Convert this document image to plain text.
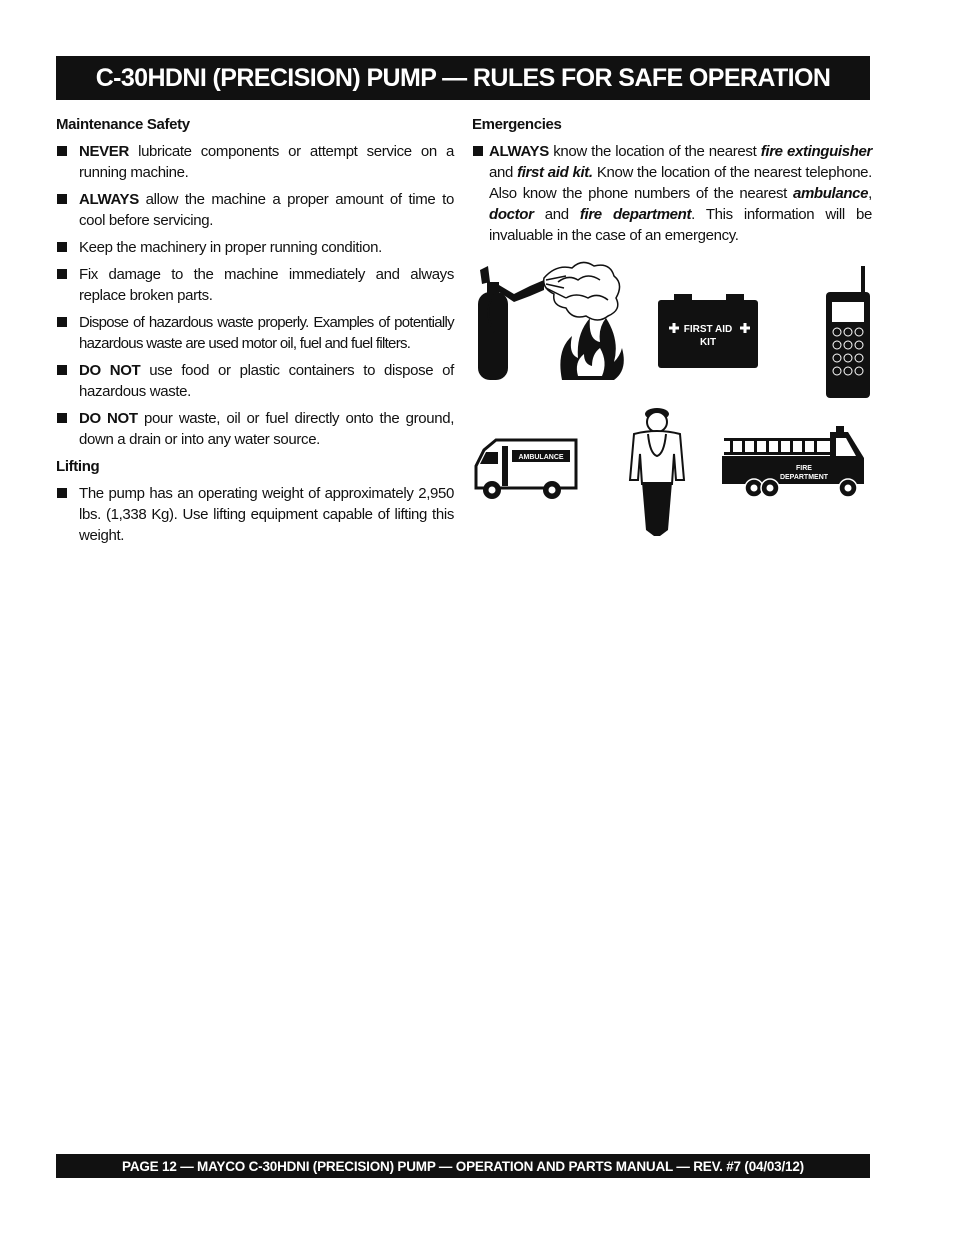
C-30HDNI (PRECISION) PUMP — RULES FOR SAFE OPERATION
Maintenance Safety
NEVER lubricate components or attempt service on a running machine.
ALWAYS allow the machine a proper amount of time to cool before servicing.
Keep the machinery in proper running condition.
Fix damage to the machine immediately and always replace broken parts.
Dispose of hazardous waste properly. Examples of potentially hazardous waste are used motor oil, fuel and fuel filters.
DO NOT use food or plastic containers to dispose of hazardous waste.
DO NOT pour waste, oil or fuel directly onto the ground, down a drain or into any water source.
Lifting
The pump has an operating weight of approximately 2,950 lbs. (1,338 Kg). Use lifting equipment capable of lifting this weight.
Emergencies
ALWAYS know the location of the nearest fire extinguisher and first aid kit. Know the location of the nearest telephone. Also know the phone numbers of the nearest ambulance, doctor and fire department. This information will be invaluable in the case of an emergency.
FIRST AID
KIT
AMBULANCE
FIRE
DEPARTMENT
PAGE 12 — MAYCO C-30HDNI (PRECISION) PUMP — OPERATION AND PARTS MANUAL — REV. #7 (04/03/12)
